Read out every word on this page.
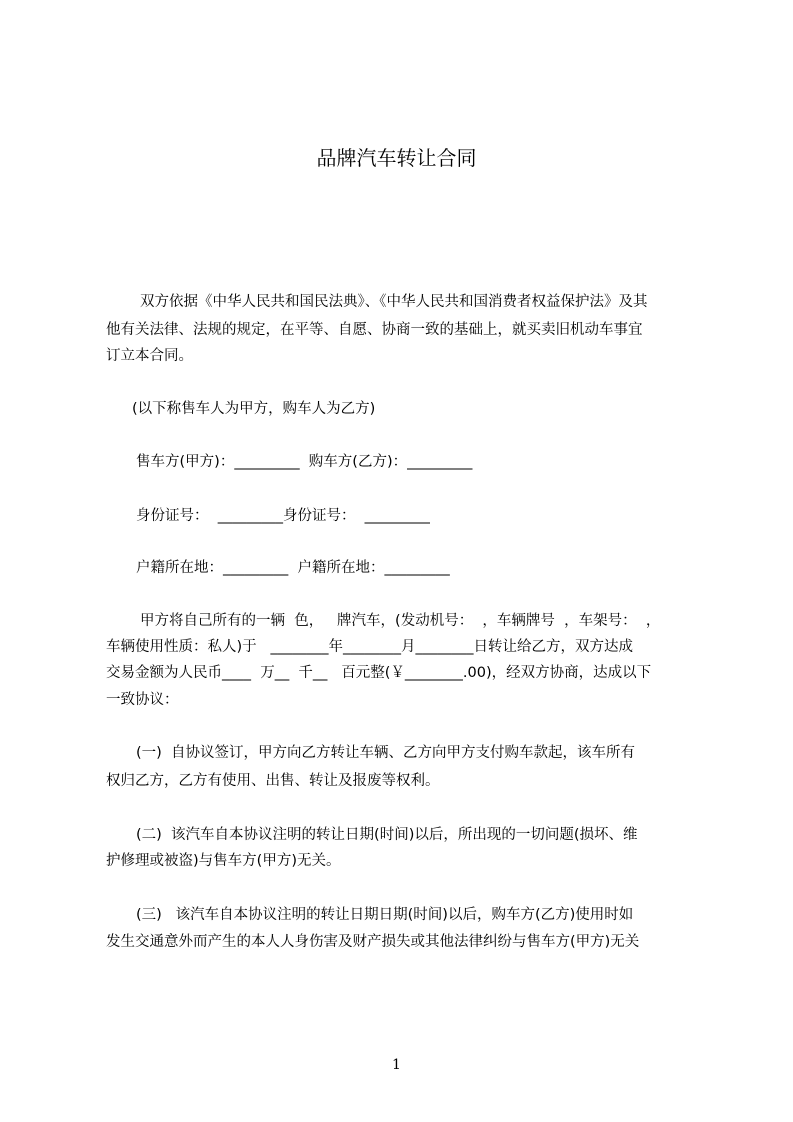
品牌汽车转让合同
双方依据《中华人民共和国民法典》、《中华人民共和国消费者权益保护法》及其
他有关法律、法规的规定，在平等、自愿、协商一致的基础上，就买卖旧机动车事宜
订立本合同。
(以下称售车人为甲方，购车人为乙方)
售车方(甲方)：_________  购车方(乙方)：_________
身份证号：  _________身份证号：  _________
户籍所在地：_________  户籍所在地：_________
甲方将自己所有的一辆  色，   牌汽车，(发动机号：  ，车辆牌号  ，车架号：  ，
车辆使用性质：私人)于   ________年________月________日转让给乙方，双方达成
交易金额为人民币____  万__  千__   百元整(￥________.00)，经双方协商，达成以下
一致协议：
(一)  自协议签订，甲方向乙方转让车辆、乙方向甲方支付购车款起，该车所有
权归乙方，乙方有使用、出售、转让及报废等权利。
(二)  该汽车自本协议注明的转让日期(时间)以后，所出现的一切问题(损坏、维
护修理或被盗)与售车方(甲方)无关。
(三)   该汽车自本协议注明的转让日期日期(时间)以后，购车方(乙方)使用时如
发生交通意外而产生的本人人身伤害及财产损失或其他法律纠纷与售车方(甲方)无关
1
